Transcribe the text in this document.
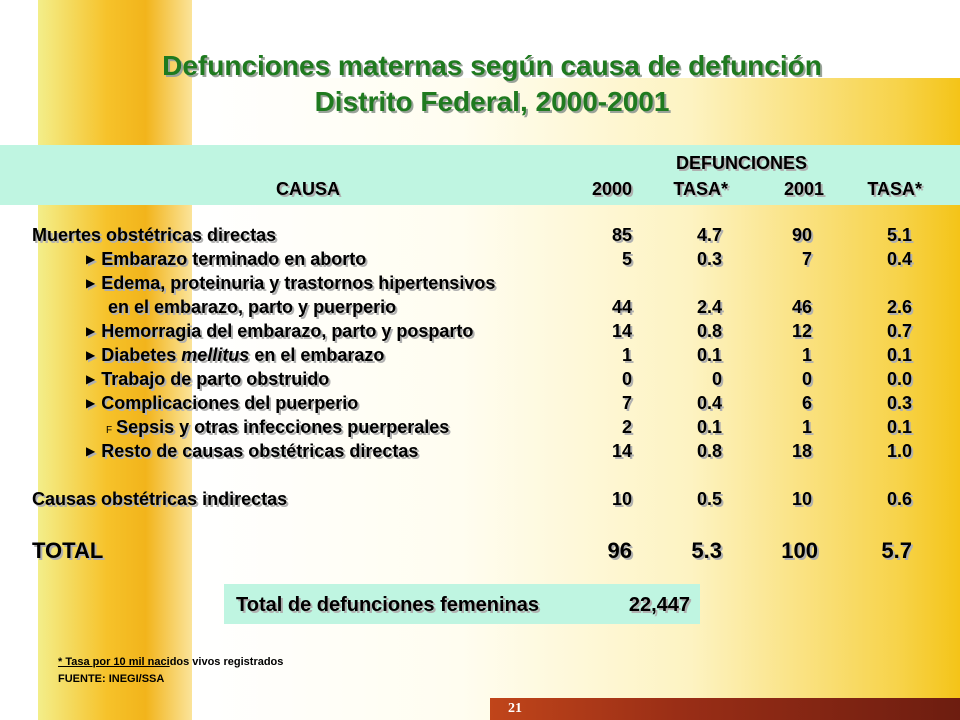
Defunciones maternas según causa de defunción
Distrito Federal, 2000-2001
DEFUNCIONES
CAUSA	2000	TASA*	2001	TASA*
Muertes obstétricas directas	85	4.7	90	5.1
▶ Embarazo terminado en aborto	5	0.3	7	0.4
▶ Edema, proteinuria y trastornos hipertensivos
en el embarazo, parto y puerperio	44	2.4	46	2.6
▶ Hemorragia del embarazo, parto y posparto	14	0.8	12	0.7
▶ Diabetes mellitus en el embarazo	1	0.1	1	0.1
▶ Trabajo de parto obstruido	0	0	0	0.0
▶ Complicaciones del puerperio	7	0.4	6	0.3
F Sepsis y otras infecciones puerperales	2	0.1	1	0.1
▶ Resto de causas obstétricas directas	14	0.8	18	1.0
Causas obstétricas indirectas	10	0.5	10	0.6
TOTAL	96	5.3	100	5.7
Total de defunciones femeninas	22,447
* Tasa por 10 mil nacidos vivos registrados
FUENTE: INEGI/SSA
21
